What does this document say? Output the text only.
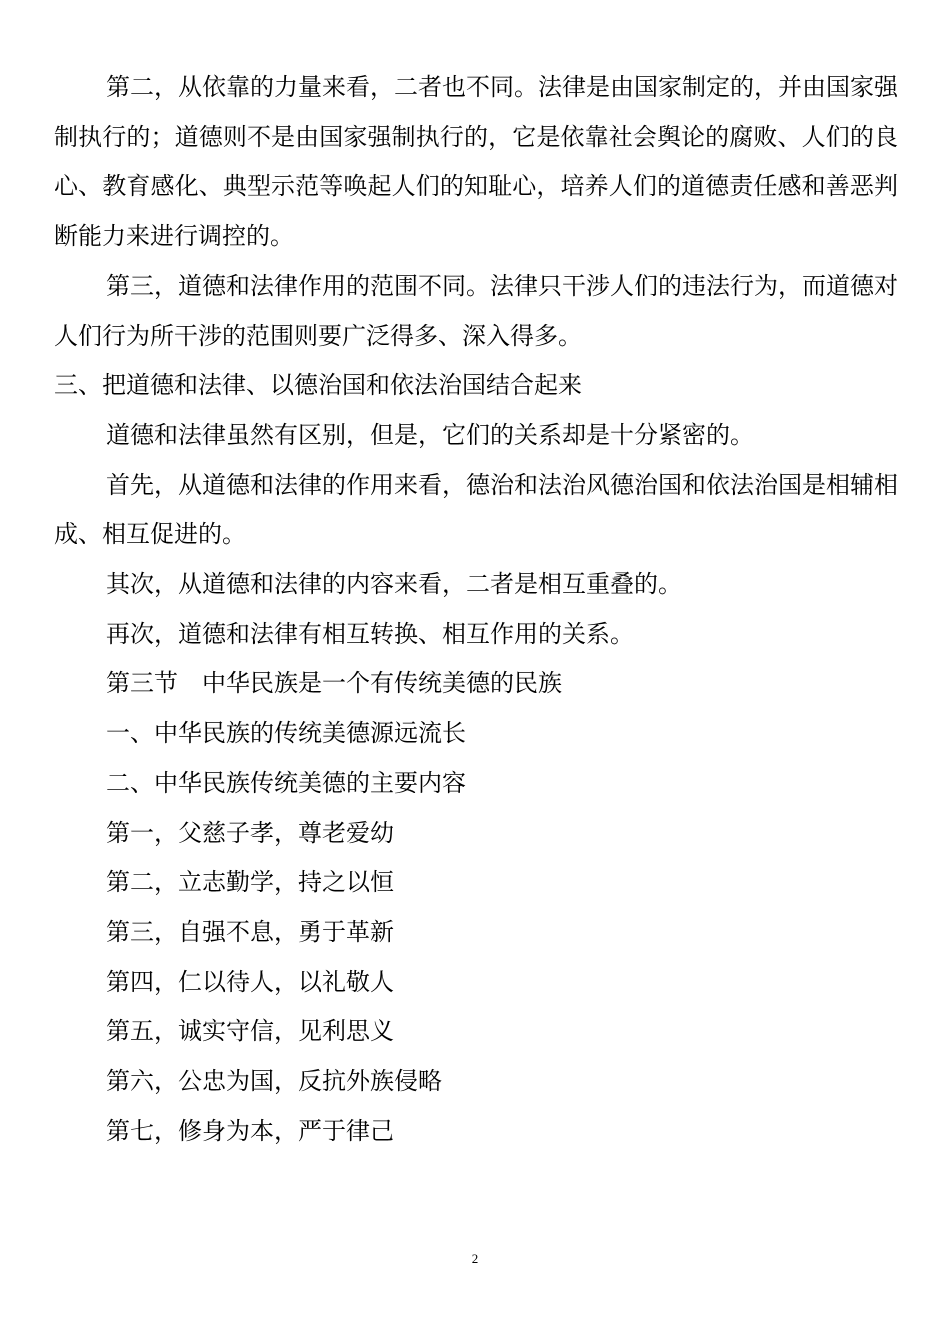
第二，从依靠的力量来看，二者也不同。法律是由国家制定的，并由国家强制执行的；道德则不是由国家强制执行的，它是依靠社会舆论的腐败、人们的良心、教育感化、典型示范等唤起人们的知耻心，培养人们的道德责任感和善恶判断能力来进行调控的。

第三，道德和法律作用的范围不同。法律只干涉人们的违法行为，而道德对人们行为所干涉的范围则要广泛得多、深入得多。

三、把道德和法律、以德治国和依法治国结合起来

道德和法律虽然有区别，但是，它们的关系却是十分紧密的。

首先，从道德和法律的作用来看，德治和法治风德治国和依法治国是相辅相成、相互促进的。

其次，从道德和法律的内容来看，二者是相互重叠的。

再次，道德和法律有相互转换、相互作用的关系。

第三节　中华民族是一个有传统美德的民族

一、中华民族的传统美德源远流长

二、中华民族传统美德的主要内容

第一，父慈子孝，尊老爱幼

第二，立志勤学，持之以恒

第三，自强不息，勇于革新

第四，仁以待人，以礼敬人

第五，诚实守信，见利思义

第六，公忠为国，反抗外族侵略

第七，修身为本，严于律己

2
